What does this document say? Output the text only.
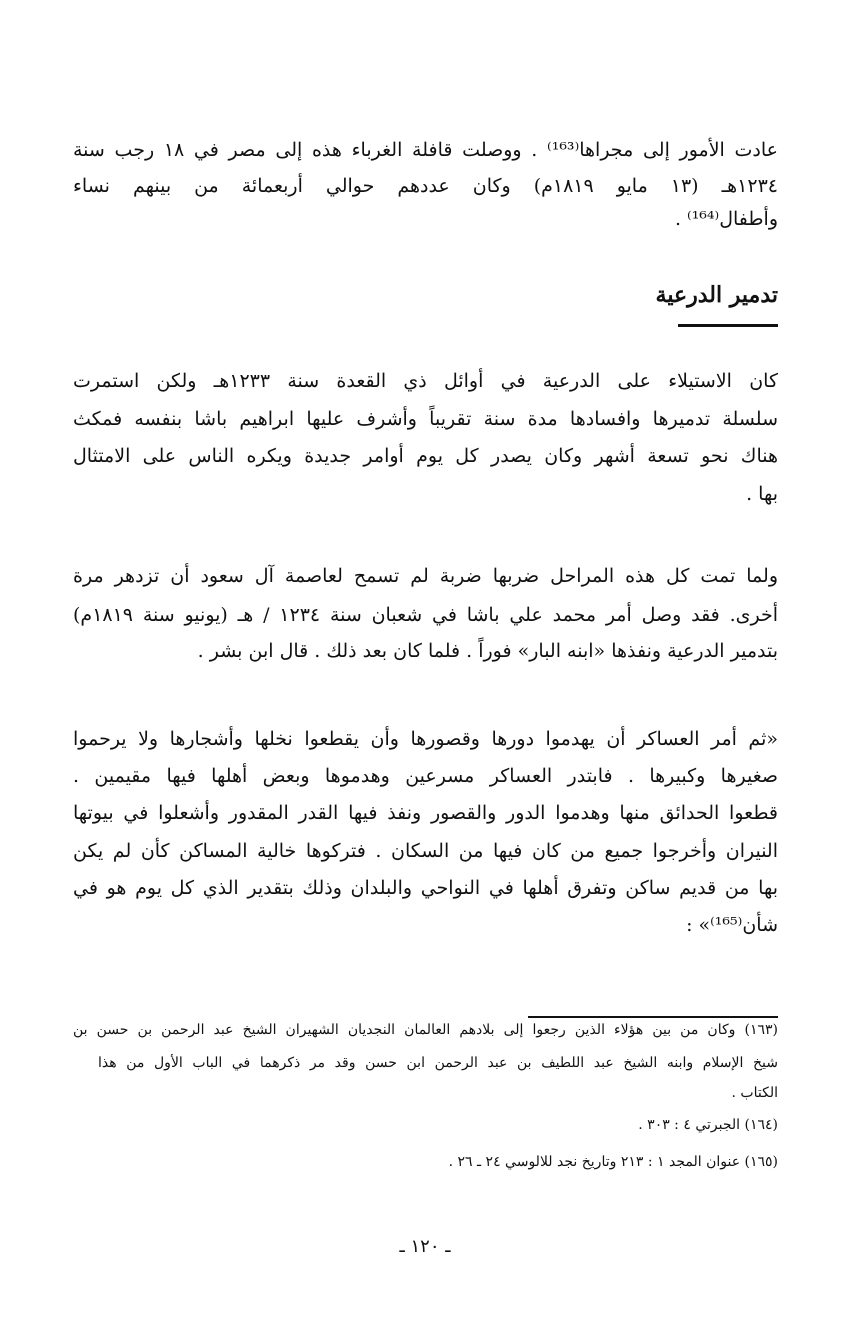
عادت الأمور إلى مجراها⁽¹⁶³⁾ . ووصلت قافلة الغرباء هذه إلى مصر في ١٨ رجب سنة
١٢٣٤هـ (١٣ مايو ١٨١٩م) وكان عددهم حوالي أربعمائة من بينهم نساء
وأطفال⁽¹⁶⁴⁾ .
تدمير الدرعية
كان الاستيلاء على الدرعية في أوائل ذي القعدة سنة ١٢٣٣هـ ولكن استمرت
سلسلة تدميرها وافسادها مدة سنة تقريباً وأشرف عليها ابراهيم باشا بنفسه فمكث
هناك نحو تسعة أشهر وكان يصدر كل يوم أوامر جديدة ويكره الناس على الامتثال
بها .
ولما تمت كل هذه المراحل ضربها ضربة لم تسمح لعاصمة آل سعود أن تزدهر مرة
أخرى. فقد وصل أمر محمد علي باشا في شعبان سنة ١٢٣٤ / هـ (يونيو سنة ١٨١٩م)
بتدمير الدرعية ونفذها «ابنه البار» فوراً . فلما كان بعد ذلك . قال ابن بشر .
«ثم أمر العساكر أن يهدموا دورها وقصورها وأن يقطعوا نخلها وأشجارها ولا يرحموا
صغيرها وكبيرها . فابتدر العساكر مسرعين وهدموها وبعض أهلها فيها مقيمين .
قطعوا الحدائق منها وهدموا الدور والقصور ونفذ فيها القدر المقدور وأشعلوا في بيوتها
النيران وأخرجوا جميع من كان فيها من السكان . فتركوها خالية المساكن كأن لم يكن
بها من قديم ساكن وتفرق أهلها في النواحي والبلدان وذلك بتقدير الذي كل يوم هو في
شأن⁽¹⁶⁵⁾» :
(١٦٣) وكان من بين هؤلاء الذين رجعوا إلى بلادهم العالمان النجديان الشهيران الشيخ عبد الرحمن بن حسن بن
شيخ الإسلام وابنه الشيخ عبد اللطيف بن عبد الرحمن ابن حسن وقد مر ذكرهما في الباب الأول من هذا
الكتاب .
(١٦٤) الجبرتي ٤ : ٣٠٣ .
(١٦٥) عنوان المجد ١ : ٢١٣ وتاريخ نجد للالوسي ٢٤ ـ ٢٦ .
ـ ١٢٠ ـ
